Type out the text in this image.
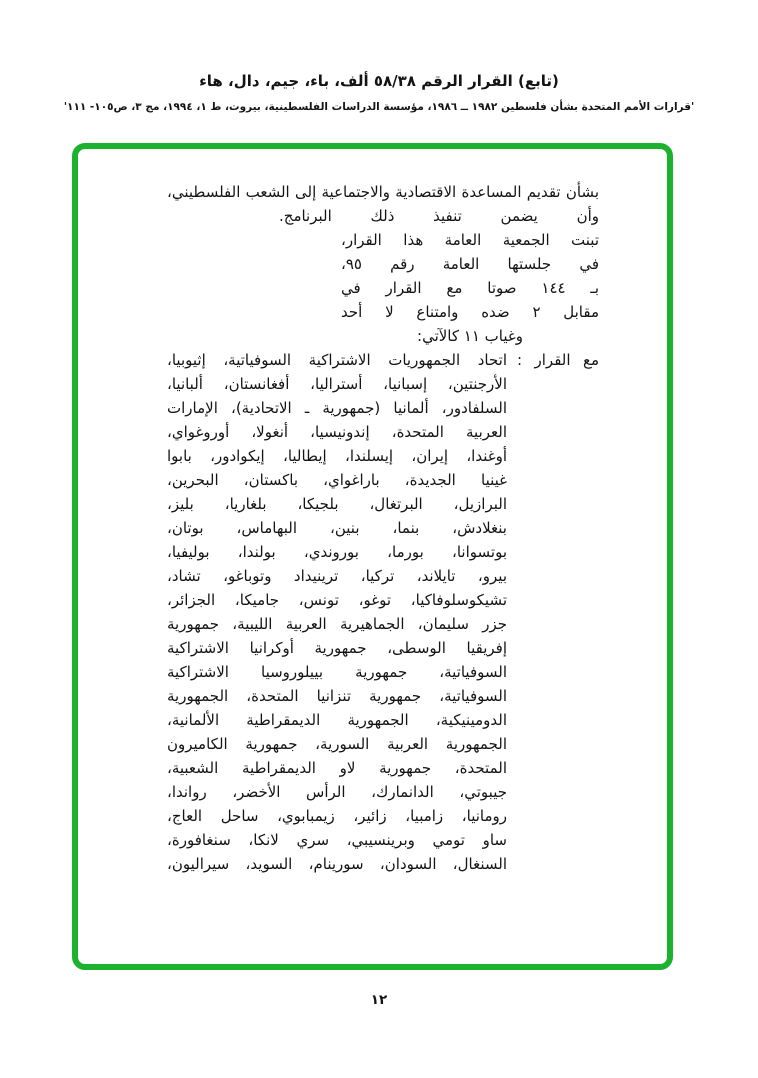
(تابع) القرار الرقم ٥٨/٣٨ ألف، باء، جيم، دال، هاء
'قرارات الأمم المتحدة بشأن فلسطين ١٩٨٢ ــ ١٩٨٦، مؤسسة الدراسات الفلسطينية، بيروت، ط ١، ١٩٩٤، مج ٣، ص١٠٥- ١١١'
بشأن تقديم المساعدة الاقتصادية والاجتماعية إلى الشعب الفلسطيني،
وأن يضمن تنفيذ ذلك البرنامج.
تبنت الجمعية العامة هذا القرار،
في جلستها العامة رقم ٩٥،
بـ ١٤٤ صوتا مع القرار في
مقابل ٢ ضده وامتناع لا أحد
وغياب ١١ كالآتي:
مع القرار :
اتحاد الجمهوريات الاشتراكية السوفياتية، إثيوبيا،
الأرجنتين، إسبانيا، أستراليا، أفغانستان، ألبانيا،
السلفادور، ألمانيا (جمهورية ـ الاتحادية)، الإمارات
العربية المتحدة، إندونيسيا، أنغولا، أوروغواي،
أوغندا، إيران، إيسلندا، إيطاليا، إيكوادور، بابوا
غينيا الجديدة، باراغواي، باكستان، البحرين،
البرازيل، البرتغال، بلجيكا، بلغاريا، بليز،
بنغلادش، بنما، بنين، البهاماس، بوتان،
بوتسوانا، بورما، بوروندي، بولندا، بوليفيا،
بيرو، تايلاند، تركيا، ترينيداد وتوباغو، تشاد،
تشيكوسلوفاكيا، توغو، تونس، جاميكا، الجزائر،
جزر سليمان، الجماهيرية العربية الليبية، جمهورية
إفريقيا الوسطى، جمهورية أوكرانيا الاشتراكية
السوفياتية، جمهورية بييلوروسيا الاشتراكية
السوفياتية، جمهورية تنزانيا المتحدة، الجمهورية
الدومينيكية، الجمهورية الديمقراطية الألمانية،
الجمهورية العربية السورية، جمهورية الكاميرون
المتحدة، جمهورية لاو الديمقراطية الشعبية،
جيبوتي، الدانمارك، الرأس الأخضر، رواندا،
رومانيا، زامبيا، زائير، زيمبابوي، ساحل العاج،
ساو تومي وبرينسيبي، سري لانكا، سنغافورة،
السنغال، السودان، سورينام، السويد، سيراليون،
١٢
